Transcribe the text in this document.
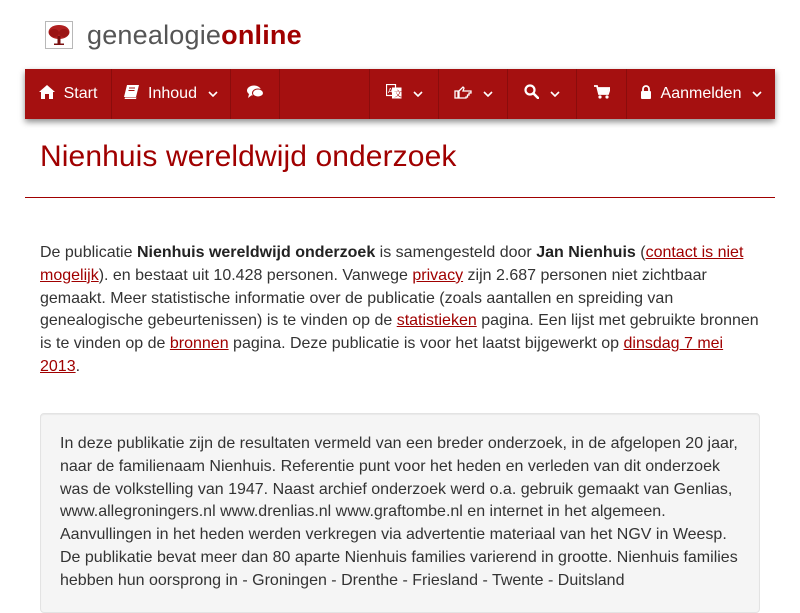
genealogieonline
Start	Inhoud	A 文	Aanmelden
Nienhuis wereldwijd onderzoek

De publicatie Nienhuis wereldwijd onderzoek is samengesteld door Jan Nienhuis (contact is niet mogelijk). en bestaat uit 10.428 personen. Vanwege privacy zijn 2.687 personen niet zichtbaar gemaakt. Meer statistische informatie over de publicatie (zoals aantallen en spreiding van genealogische gebeurtenissen) is te vinden op de statistieken pagina. Een lijst met gebruikte bronnen is te vinden op de bronnen pagina. Deze publicatie is voor het laatst bijgewerkt op dinsdag 7 mei 2013.

In deze publikatie zijn de resultaten vermeld van een breder onderzoek, in de afgelopen 20 jaar, naar de familienaam Nienhuis. Referentie punt voor het heden en verleden van dit onderzoek was de volkstelling van 1947. Naast archief onderzoek werd o.a. gebruik gemaakt van Genlias, www.allegroningers.nl www.drenlias.nl www.graftombe.nl en internet in het algemeen. Aanvullingen in het heden werden verkregen via advertentie materiaal van het NGV in Weesp. De publikatie bevat meer dan 80 aparte Nienhuis families varierend in grootte. Nienhuis families hebben hun oorsprong in - Groningen - Drenthe - Friesland - Twente - Duitsland
